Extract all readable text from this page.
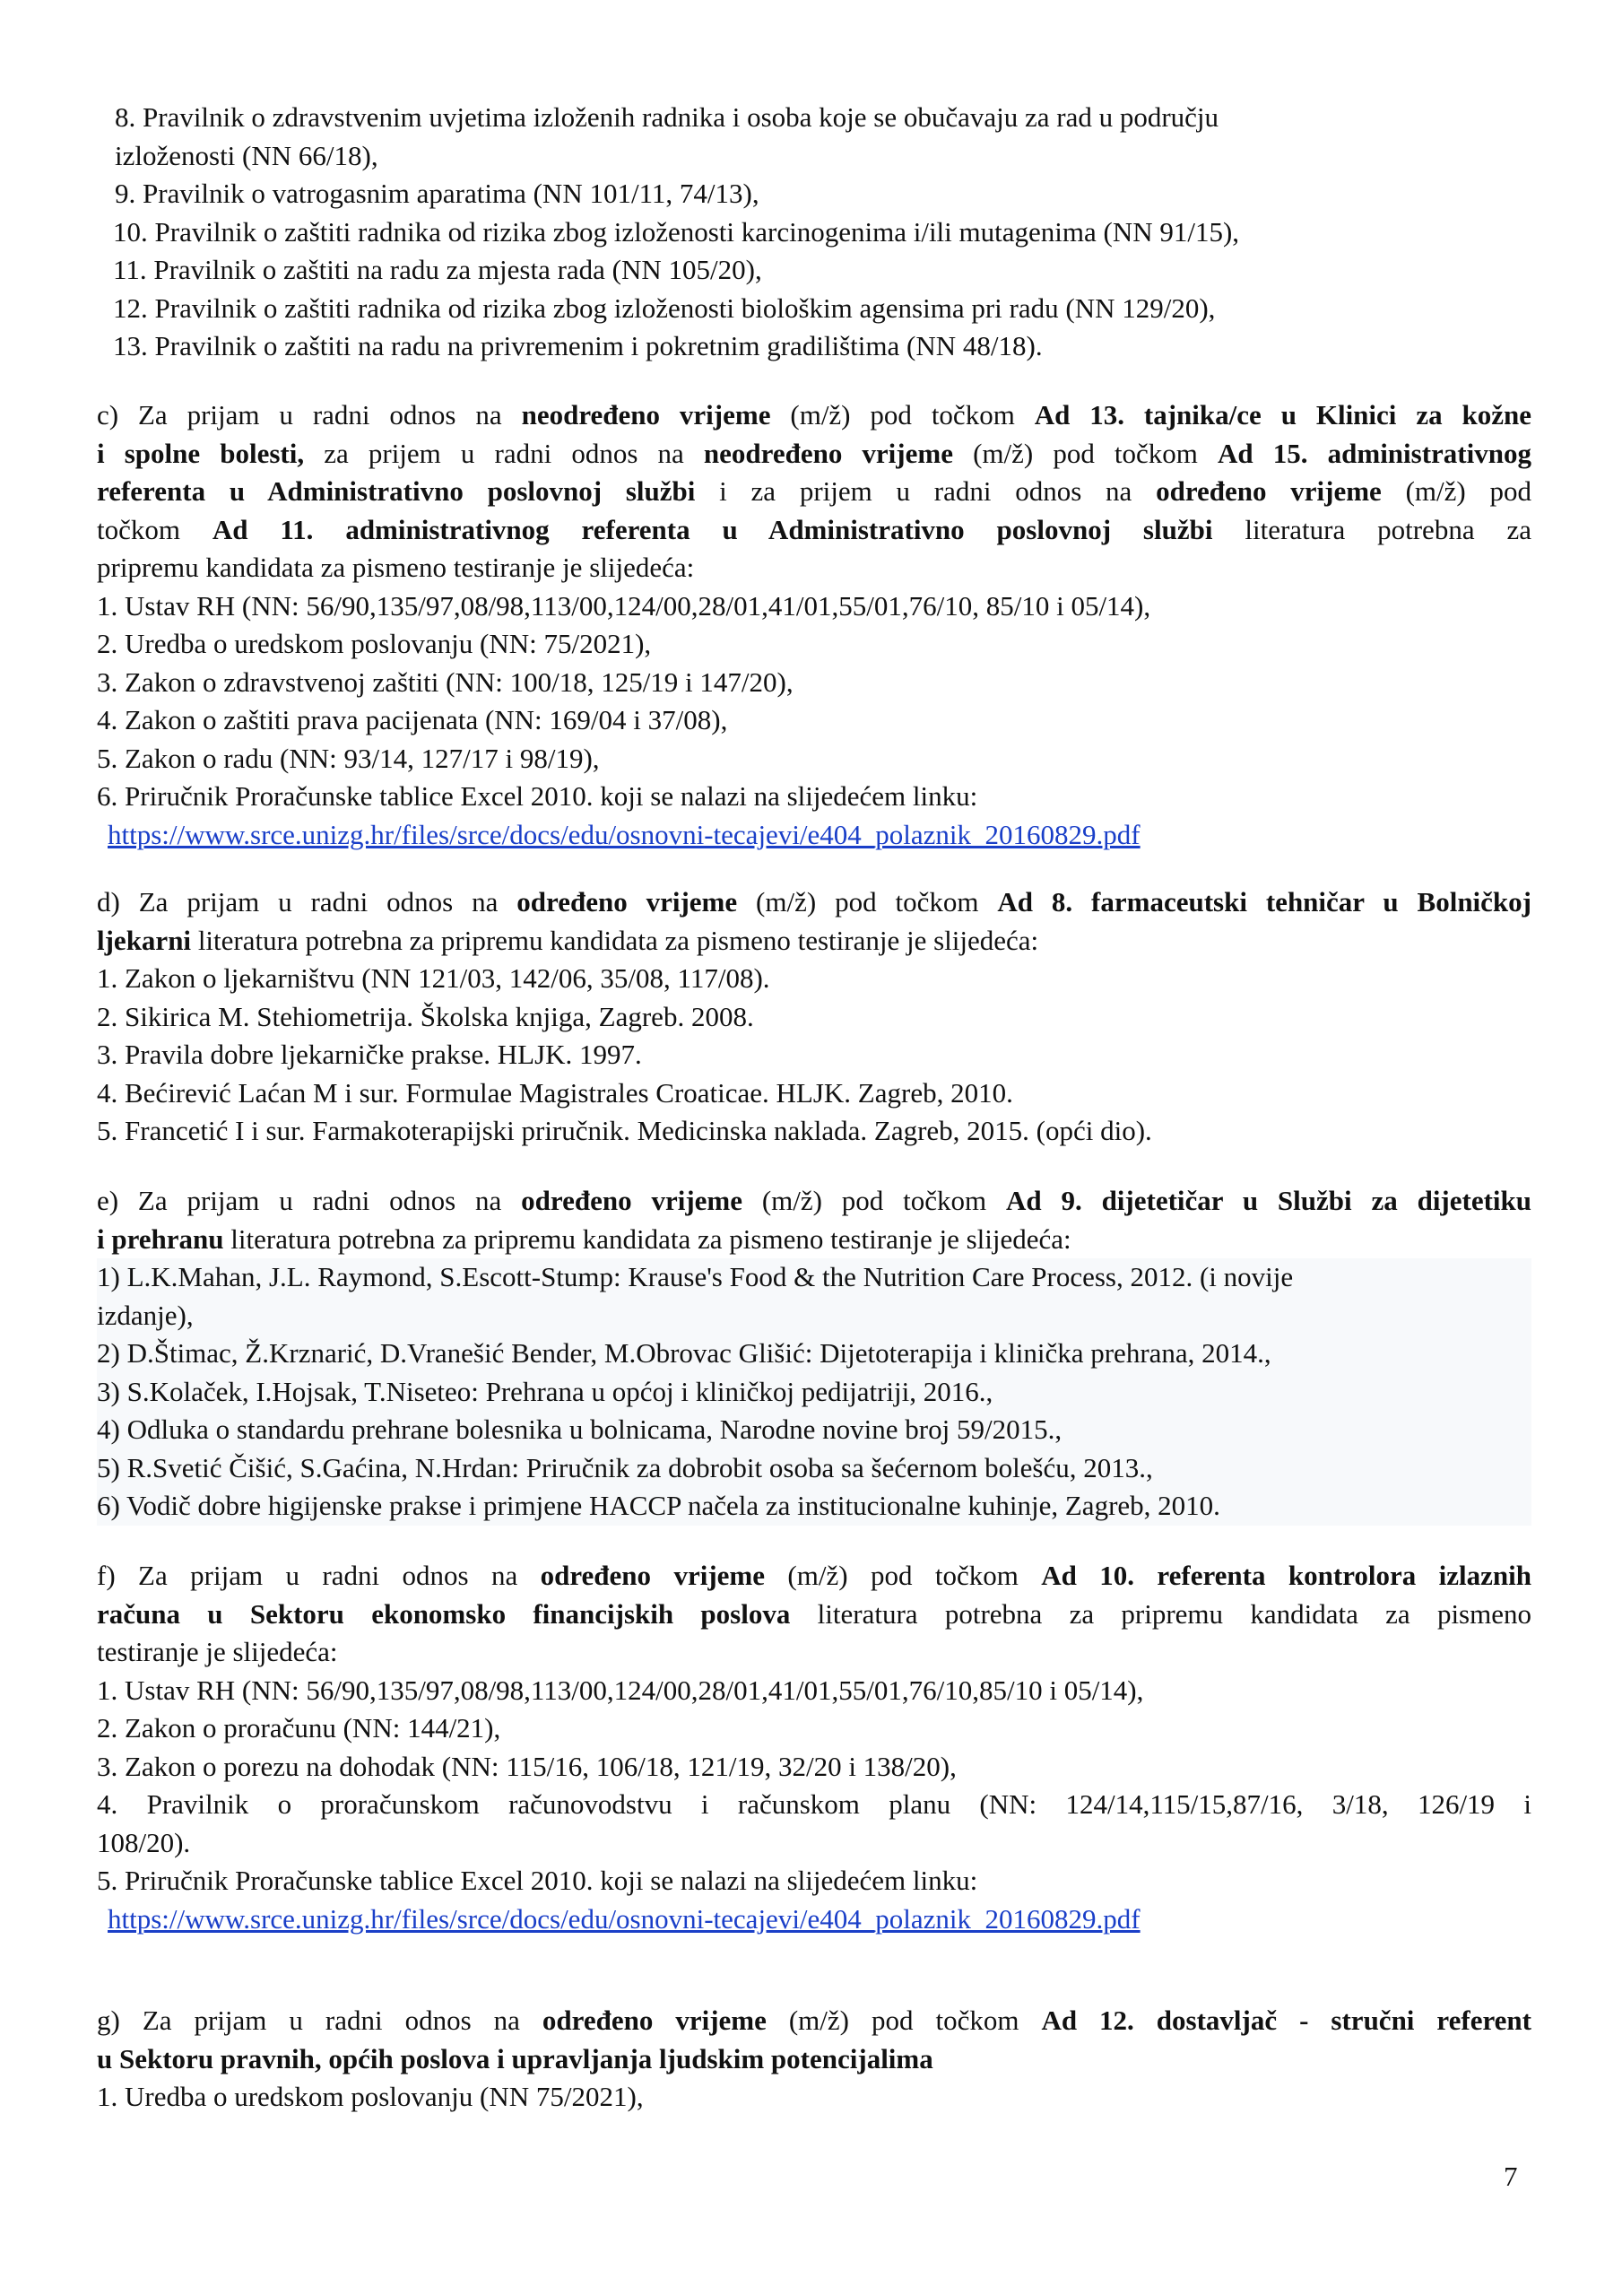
8. Pravilnik o zdravstvenim uvjetima izloženih radnika i osoba koje se obučavaju za rad u području
izloženosti (NN 66/18),
9. Pravilnik o vatrogasnim aparatima (NN 101/11, 74/13),
10. Pravilnik o zaštiti radnika od rizika zbog izloženosti karcinogenima i/ili mutagenima (NN 91/15),
11. Pravilnik o zaštiti na radu za mjesta rada (NN 105/20),
12. Pravilnik o zaštiti radnika od rizika zbog izloženosti biološkim agensima pri radu (NN 129/20),
13. Pravilnik o zaštiti na radu na privremenim i pokretnim gradilištima (NN 48/18).
c) Za prijam u radni odnos na neodređeno vrijeme (m/ž) pod točkom Ad 13. tajnika/ce u Klinici za kožne
i spolne bolesti, za prijem u radni odnos na neodređeno vrijeme (m/ž) pod točkom Ad 15. administrativnog
referenta u Administrativno poslovnoj službi i za prijem u radni odnos na određeno vrijeme (m/ž) pod
točkom Ad 11. administrativnog referenta u Administrativno poslovnoj službi literatura potrebna za
pripremu kandidata za pismeno testiranje je slijedeća:
1. Ustav RH (NN: 56/90,135/97,08/98,113/00,124/00,28/01,41/01,55/01,76/10, 85/10 i 05/14),
2. Uredba o uredskom poslovanju (NN: 75/2021),
3. Zakon o zdravstvenoj zaštiti (NN: 100/18, 125/19 i 147/20),
4. Zakon o zaštiti prava pacijenata (NN: 169/04 i 37/08),
5. Zakon o radu (NN: 93/14, 127/17 i 98/19),
6. Priručnik Proračunske tablice Excel 2010. koji se nalazi na slijedećem linku:
https://www.srce.unizg.hr/files/srce/docs/edu/osnovni-tecajevi/e404_polaznik_20160829.pdf
d) Za prijam u radni odnos na određeno vrijeme (m/ž) pod točkom Ad 8. farmaceutski tehničar u Bolničkoj
ljekarni literatura potrebna za pripremu kandidata za pismeno testiranje je slijedeća:
1. Zakon o ljekarništvu (NN 121/03, 142/06, 35/08, 117/08).
2. Sikirica M. Stehiometrija. Školska knjiga, Zagreb. 2008.
3. Pravila dobre ljekarničke prakse. HLJK. 1997.
4. Bećirević Laćan M i sur. Formulae Magistrales Croaticae. HLJK. Zagreb, 2010.
5. Francetić I i sur. Farmakoterapijski priručnik. Medicinska naklada. Zagreb, 2015. (opći dio).
e) Za prijam u radni odnos na određeno vrijeme (m/ž) pod točkom Ad 9. dijetetičar u Službi za dijetetiku
i prehranu literatura potrebna za pripremu kandidata za pismeno testiranje je slijedeća:
1) L.K.Mahan, J.L. Raymond, S.Escott-Stump: Krause's Food & the Nutrition Care Process, 2012. (i novije
izdanje),
2) D.Štimac, Ž.Krznarić, D.Vranešić Bender, M.Obrovac Glišić: Dijetoterapija i klinička prehrana, 2014.,
3) S.Kolaček, I.Hojsak, T.Niseteo: Prehrana u općoj i kliničkoj pedijatriji, 2016.,
4) Odluka o standardu prehrane bolesnika u bolnicama, Narodne novine broj 59/2015.,
5) R.Svetić Čišić, S.Gaćina, N.Hrdan: Priručnik za dobrobit osoba sa šećernom bolešću, 2013.,
6) Vodič dobre higijenske prakse i primjene HACCP načela za institucionalne kuhinje, Zagreb, 2010.
f) Za prijam u radni odnos na određeno vrijeme (m/ž) pod točkom Ad 10. referenta kontrolora izlaznih
računa u Sektoru ekonomsko financijskih poslova literatura potrebna za pripremu kandidata za pismeno
testiranje je slijedeća:
1. Ustav RH (NN: 56/90,135/97,08/98,113/00,124/00,28/01,41/01,55/01,76/10,85/10 i 05/14),
2. Zakon o proračunu (NN: 144/21),
3. Zakon o porezu na dohodak (NN: 115/16, 106/18, 121/19, 32/20 i 138/20),
4. Pravilnik o proračunskom računovodstvu i računskom planu (NN: 124/14,115/15,87/16, 3/18, 126/19 i
108/20).
5. Priručnik Proračunske tablice Excel 2010. koji se nalazi na slijedećem linku:
https://www.srce.unizg.hr/files/srce/docs/edu/osnovni-tecajevi/e404_polaznik_20160829.pdf
g) Za prijam u radni odnos na određeno vrijeme (m/ž) pod točkom Ad 12. dostavljač - stručni referent
u Sektoru pravnih, općih poslova i upravljanja ljudskim potencijalima
1. Uredba o uredskom poslovanju (NN 75/2021),
7
